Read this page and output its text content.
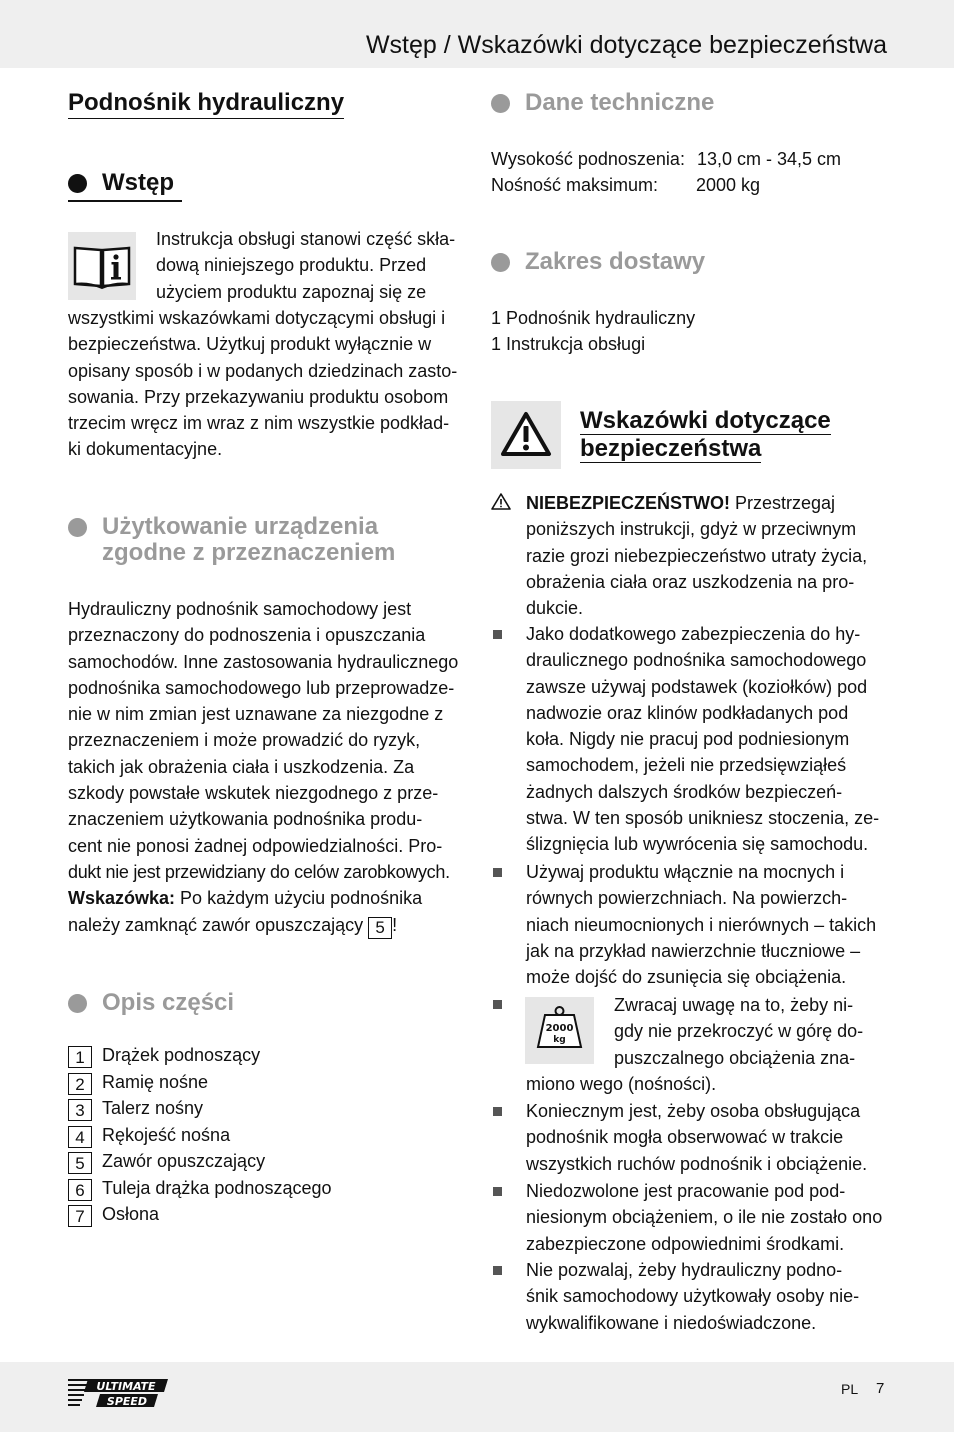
Wstęp / Wskazówki dotyczące bezpieczeństwa
Podnośnik hydrauliczny
Wstęp
Instrukcja obsługi stanowi część skła-
dową niniejszego produktu. Przed
użyciem produktu zapoznaj się ze
wszystkimi wskazówkami dotyczącymi obsługi i
bezpieczeństwa. Użytkuj produkt wyłącznie w
opisany sposób i w podanych dziedzinach zasto-
sowania. Przy przekazywaniu produktu osobom
trzecim wręcz im wraz z nim wszystkie podkład-
ki dokumentacyjne.
Użytkowanie urządzenia
zgodne z przeznaczeniem
Hydrauliczny podnośnik samochodowy jest
przeznaczony do podnoszenia i opuszczania
samochodów. Inne zastosowania hydraulicznego
podnośnika samochodowego lub przeprowadze-
nie w nim zmian jest uznawane za niezgodne z
przeznaczeniem i może prowadzić do ryzyk,
takich jak obrażenia ciała i uszkodzenia. Za
szkody powstałe wskutek niezgodnego z prze-
znaczeniem użytkowania podnośnika produ-
cent nie ponosi żadnej odpowiedzialności. Pro-
dukt nie jest przewidziany do celów zarobkowych.
Wskazówka: Po każdym użyciu podnośnika
należy zamknąć zawór opuszczający 5 !
Opis części
1 Drążek podnoszący
2 Ramię nośne
3 Talerz nośny
4 Rękojeść nośna
5 Zawór opuszczający
6 Tuleja drążka podnoszącego
7 Osłona
Dane techniczne
Wysokość podnoszenia: 13,0 cm - 34,5 cm
Nośność maksimum: 2000 kg
Zakres dostawy
1 Podnośnik hydrauliczny
1 Instrukcja obsługi
Wskazówki dotyczące
bezpieczeństwa
NIEBEZPIECZEŃSTWO! Przestrzegaj
poniższych instrukcji, gdyż w przeciwnym
razie grozi niebezpieczeństwo utraty życia,
obrażenia ciała oraz uszkodzenia na pro-
dukcie.
Jako dodatkowego zabezpieczenia do hy-
draulicznego podnośnika samochodowego
zawsze używaj podstawek (koziołków) pod
nadwozie oraz klinów podkładanych pod
koła. Nigdy nie pracuj pod podniesionym
samochodem, jeżeli nie przedsięwziąłeś
żadnych dalszych środków bezpieczeń-
stwa. W ten sposób unikniesz stoczenia, ze-
ślizgnięcia lub wywrócenia się samochodu.
Używaj produktu włącznie na mocnych i
równych powierzchniach. Na powierzch-
niach nieumocnionych i nierównych – takich
jak na przykład nawierzchnie tłuczniowe –
może dojść do zsunięcia się obciążenia.
2000
kg
Zwracaj uwagę na to, żeby ni-
gdy nie przekroczyć w górę do-
puszczalnego obciążenia zna-
miono wego (nośności).
Koniecznym jest, żeby osoba obsługująca
podnośnik mogła obserwować w trakcie
wszystkich ruchów podnośnik i obciążenie.
Niedozwolone jest pracowanie pod pod-
niesionym obciążeniem, o ile nie zostało ono
zabezpieczone odpowiednimi środkami.
Nie pozwalaj, żeby hydrauliczny podno-
śnik samochodowy użytkowały osoby nie-
wykwalifikowane i niedoświadczone.
ULTIMATE
SPEED
PL 7
